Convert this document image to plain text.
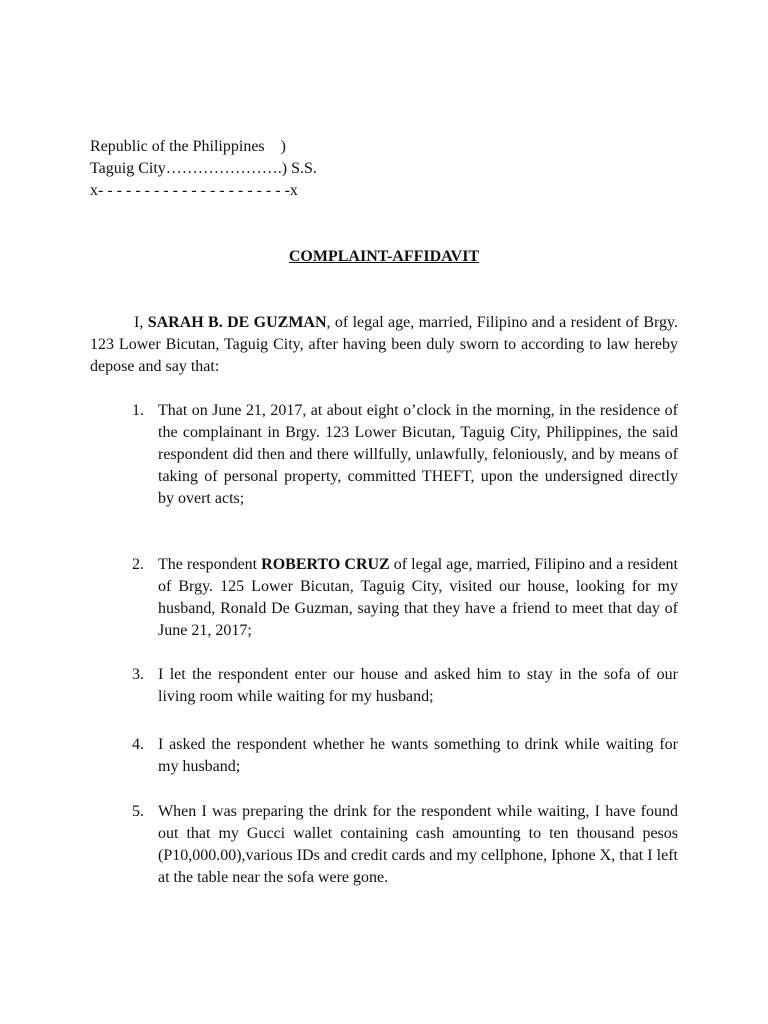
Republic of the Philippines    )
Taguig City………………….) S.S.
x- - - - - - - - - - - - - - - - - - - - -x
COMPLAINT-AFFIDAVIT
I, SARAH B. DE GUZMAN, of legal age, married, Filipino and a resident of Brgy. 123 Lower Bicutan, Taguig City, after having been duly sworn to according to law hereby depose and say that:
1. That on June 21, 2017, at about eight o’clock in the morning, in the residence of the complainant in Brgy. 123 Lower Bicutan, Taguig City, Philippines, the said respondent did then and there willfully, unlawfully, feloniously, and by means of taking of personal property, committed THEFT, upon the undersigned directly by overt acts;
2. The respondent ROBERTO CRUZ of legal age, married, Filipino and a resident of Brgy. 125 Lower Bicutan, Taguig City, visited our house, looking for my husband, Ronald De Guzman, saying that they have a friend to meet that day of June 21, 2017;
3. I let the respondent enter our house and asked him to stay in the sofa of our living room while waiting for my husband;
4. I asked the respondent whether he wants something to drink while waiting for my husband;
5. When I was preparing the drink for the respondent while waiting, I have found out that my Gucci wallet containing cash amounting to ten thousand pesos (P10,000.00),various IDs and credit cards and my cellphone, Iphone X, that I left at the table near the sofa were gone.
